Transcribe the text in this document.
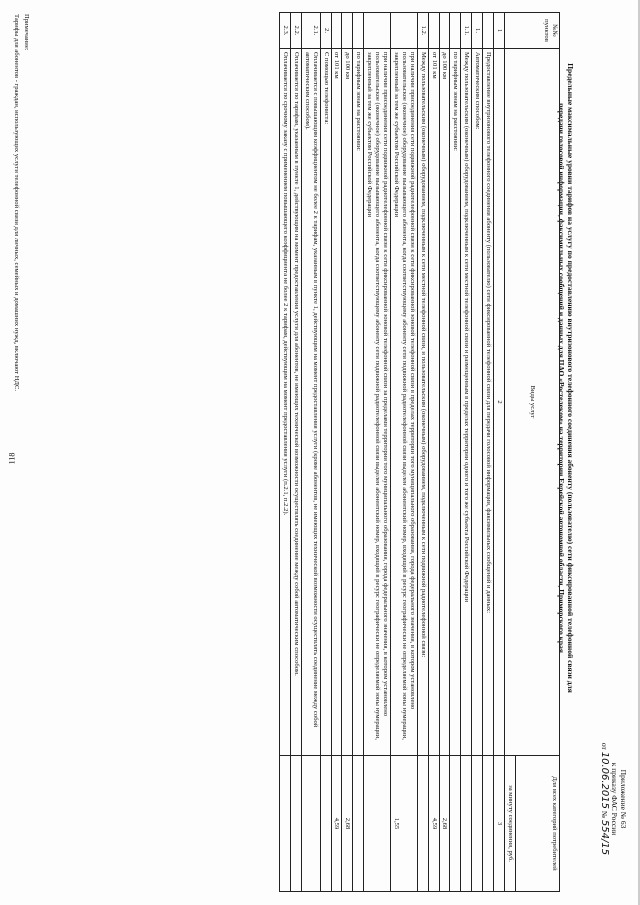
118
Приложение № 63
к приказу ФАС России
от 10.06.2015 № 554/15
Предельные максимальные уровни тарифов на услугу по предоставлению внутризонового телефонного соединения абоненту (пользователю) сети фиксированной телефонной связи для передачи голосовой информации, факсимильных сообщений и данных для ПАО «Ростелеком» на территории Еврейской автономной области, Приморского края
№№ пунктов	Виды услуг	Для всех категорий потребителей
		за минуту соединения, руб.
1	2	3
	Предоставление внутризонового телефонного соединения абоненту (пользователю) сети фиксированной телефонной связи для передачи голосовой информации, факсимильных сообщений и данных:	
1.	Автоматическим способом:	
1.1.	Между пользовательским (оконечным) оборудованием, подключенным к сети местной телефонной связи и размещенным в пределах территории одного и того же субъекта Российской Федерации	
	по тарифным зонам на расстоянии:	
	до 100 км	2,68
	от 101 км	4,59
1.2.	Между пользовательским (оконечным) оборудованием, подключенным к сети местной телефонной связи, и пользовательским (оконечным) оборудованием, подключенным к сети подвижной радиотелефонной связи:	
	при наличии присоединения сети подвижной радиотелефонной связи к сети фиксированной зоновой телефонной связи в пределах территории того муниципального образования, города федерального значения, в котором установлено пользовательское (оконечное) оборудование вызывающего абонента, когда соответствующему абоненту сети подвижной радиотелефонной связи выделен абонентский номер, входящий в ресурс географически не определяемой зоны нумерации, закрепленный за тем же субъектом Российской Федерации	1,55
	при наличии присоединения сети подвижной радиотелефонной связи к сети фиксированной зоновой телефонной связи за пределами территории того муниципального образования, города федерального значения, в котором установлено пользовательское (оконечное) оборудование вызывающего абонента, когда соответствующему абоненту сети подвижной радиотелефонной связи выделен абонентский номер, входящий в ресурс географически не определяемой зоны нумерации, закрепленный за тем же субъектом Российской Федерации	
	по тарифным зонам на расстоянии:	
	до 100 км	2,68
	от 101 км	4,59
2.	С помощью телефониста:	
2.1.	Оплачивается с повышающим коэффициентом не более 2 к тарифам, указанным в пункте 1, действующим на момент предоставления услуги (кроме абонентов, не имеющих технической возможности осуществлять соединение между собой автоматическим способом).	
2.2.	Оплачивается по тарифам, указанным в пункте 1, действующим на момент предоставления услуги для абонентов, не имеющих технической возможности осуществлять соединение между собой автоматическим способом.	
2.3.	Оплачивается по срочному заказу с применением повышающего коэффициента не более 2 к тарифам, действующим на момент предоставления услуги (п.2.1, п.2.2).	
Примечание:
Тарифы для абонентов - граждан, использующих услуги телефонной связи для личных, семейных и домашних нужд, включают НДС.
